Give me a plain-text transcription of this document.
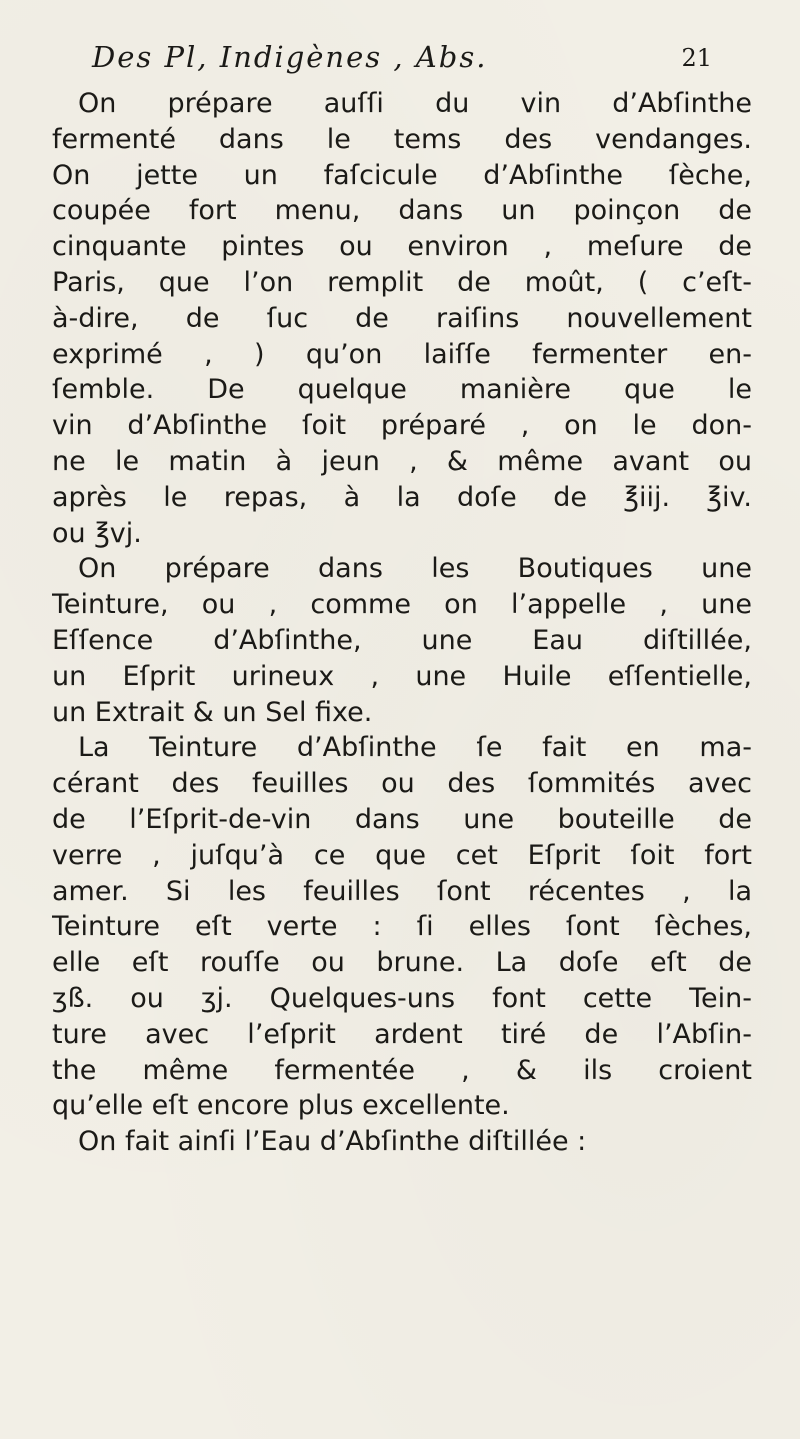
Des Pl, Indigènes , Abs.	21
On prépare auſſi du vin d’Abſinthe
fermenté dans le tems des vendanges.
On jette un faſcicule d’Abſinthe ſèche,
coupée fort menu, dans un poinçon de
cinquante pintes ou environ , meſure de
Paris, que l’on remplit de moût, ( c’eſt-
à-dire, de ſuc de raiſins nouvellement
exprimé , ) qu’on laiſſe fermenter en-
ſemble. De quelque manière que le
vin d’Abſinthe ſoit préparé , on le don-
ne le matin à jeun , & même avant ou
après le repas, à la doſe de ℥iij. ℥iv.
ou ℥vj.
On prépare dans les Boutiques une
Teinture, ou , comme on l’appelle , une
Eſſence d’Abſinthe, une Eau diſtillée,
un Eſprit urineux , une Huile eſſentielle,
un Extrait & un Sel fixe.
La Teinture d’Abſinthe ſe fait en ma-
cérant des feuilles ou des ſommités avec
de l’Eſprit-de-vin dans une bouteille de
verre , juſqu’à ce que cet Eſprit ſoit fort
amer. Si les feuilles ſont récentes , la
Teinture eſt verte : ſi elles ſont ſèches,
elle eſt rouſſe ou brune. La doſe eſt de
ʒß. ou ʒj. Quelques-uns font cette Tein-
ture avec l’eſprit ardent tiré de l’Abſin-
the même fermentée , & ils croient
qu’elle eſt encore plus excellente.
On fait ainſi l’Eau d’Abſinthe diſtillée :
